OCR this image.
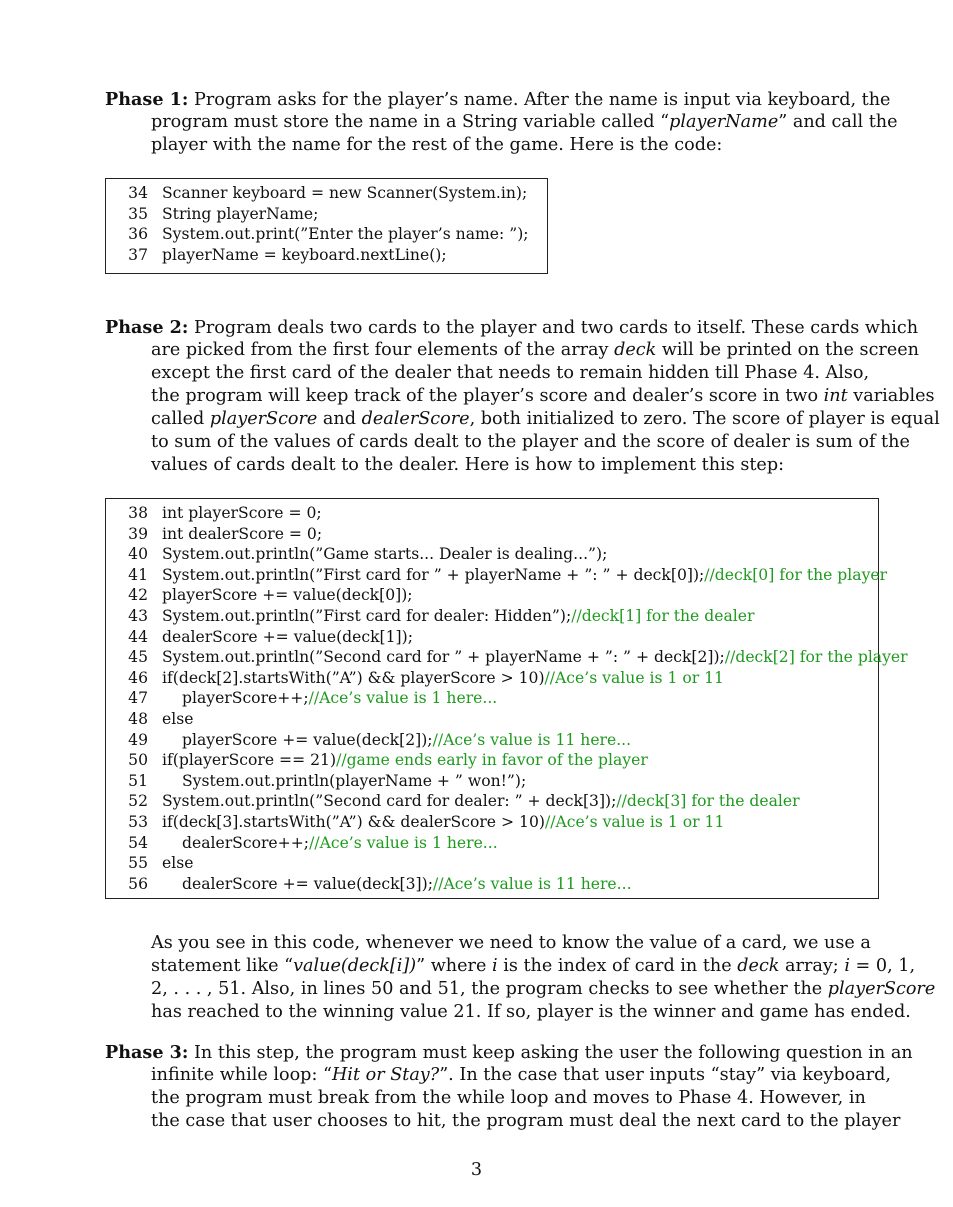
Phase 1: Program asks for the player’s name. After the name is input via keyboard, the
program must store the name in a String variable called “playerName” and call the
player with the name for the rest of the game. Here is the code:
34 Scanner keyboard = new Scanner(System.in);
35 String playerName;
36 System.out.print(”Enter the player’s name: ”);
37 playerName = keyboard.nextLine();
Phase 2: Program deals two cards to the player and two cards to itself. These cards which
are picked from the first four elements of the array deck will be printed on the screen
except the first card of the dealer that needs to remain hidden till Phase 4. Also,
the program will keep track of the player’s score and dealer’s score in two int variables
called playerScore and dealerScore, both initialized to zero. The score of player is equal
to sum of the values of cards dealt to the player and the score of dealer is sum of the
values of cards dealt to the dealer. Here is how to implement this step:
38 int playerScore = 0;
39 int dealerScore = 0;
40 System.out.println(”Game starts... Dealer is dealing...”);
41 System.out.println(”First card for ” + playerName + ”: ” + deck[0]);//deck[0] for the player
42 playerScore += value(deck[0]);
43 System.out.println(”First card for dealer: Hidden”);//deck[1] for the dealer
44 dealerScore += value(deck[1]);
45 System.out.println(”Second card for ” + playerName + ”: ” + deck[2]);//deck[2] for the player
46 if(deck[2].startsWith(”A”) && playerScore > 10)//Ace’s value is 1 or 11
47 playerScore++;//Ace’s value is 1 here...
48 else
49 playerScore += value(deck[2]);//Ace’s value is 11 here...
50 if(playerScore == 21)//game ends early in favor of the player
51 System.out.println(playerName + ” won!”);
52 System.out.println(”Second card for dealer: ” + deck[3]);//deck[3] for the dealer
53 if(deck[3].startsWith(”A”) && dealerScore > 10)//Ace’s value is 1 or 11
54 dealerScore++;//Ace’s value is 1 here...
55 else
56 dealerScore += value(deck[3]);//Ace’s value is 11 here...
As you see in this code, whenever we need to know the value of a card, we use a
statement like “value(deck[i])” where i is the index of card in the deck array; i = 0, 1,
2, . . . , 51. Also, in lines 50 and 51, the program checks to see whether the playerScore
has reached to the winning value 21. If so, player is the winner and game has ended.
Phase 3: In this step, the program must keep asking the user the following question in an
infinite while loop: “Hit or Stay?”. In the case that user inputs “stay” via keyboard,
the program must break from the while loop and moves to Phase 4. However, in
the case that user chooses to hit, the program must deal the next card to the player
3
